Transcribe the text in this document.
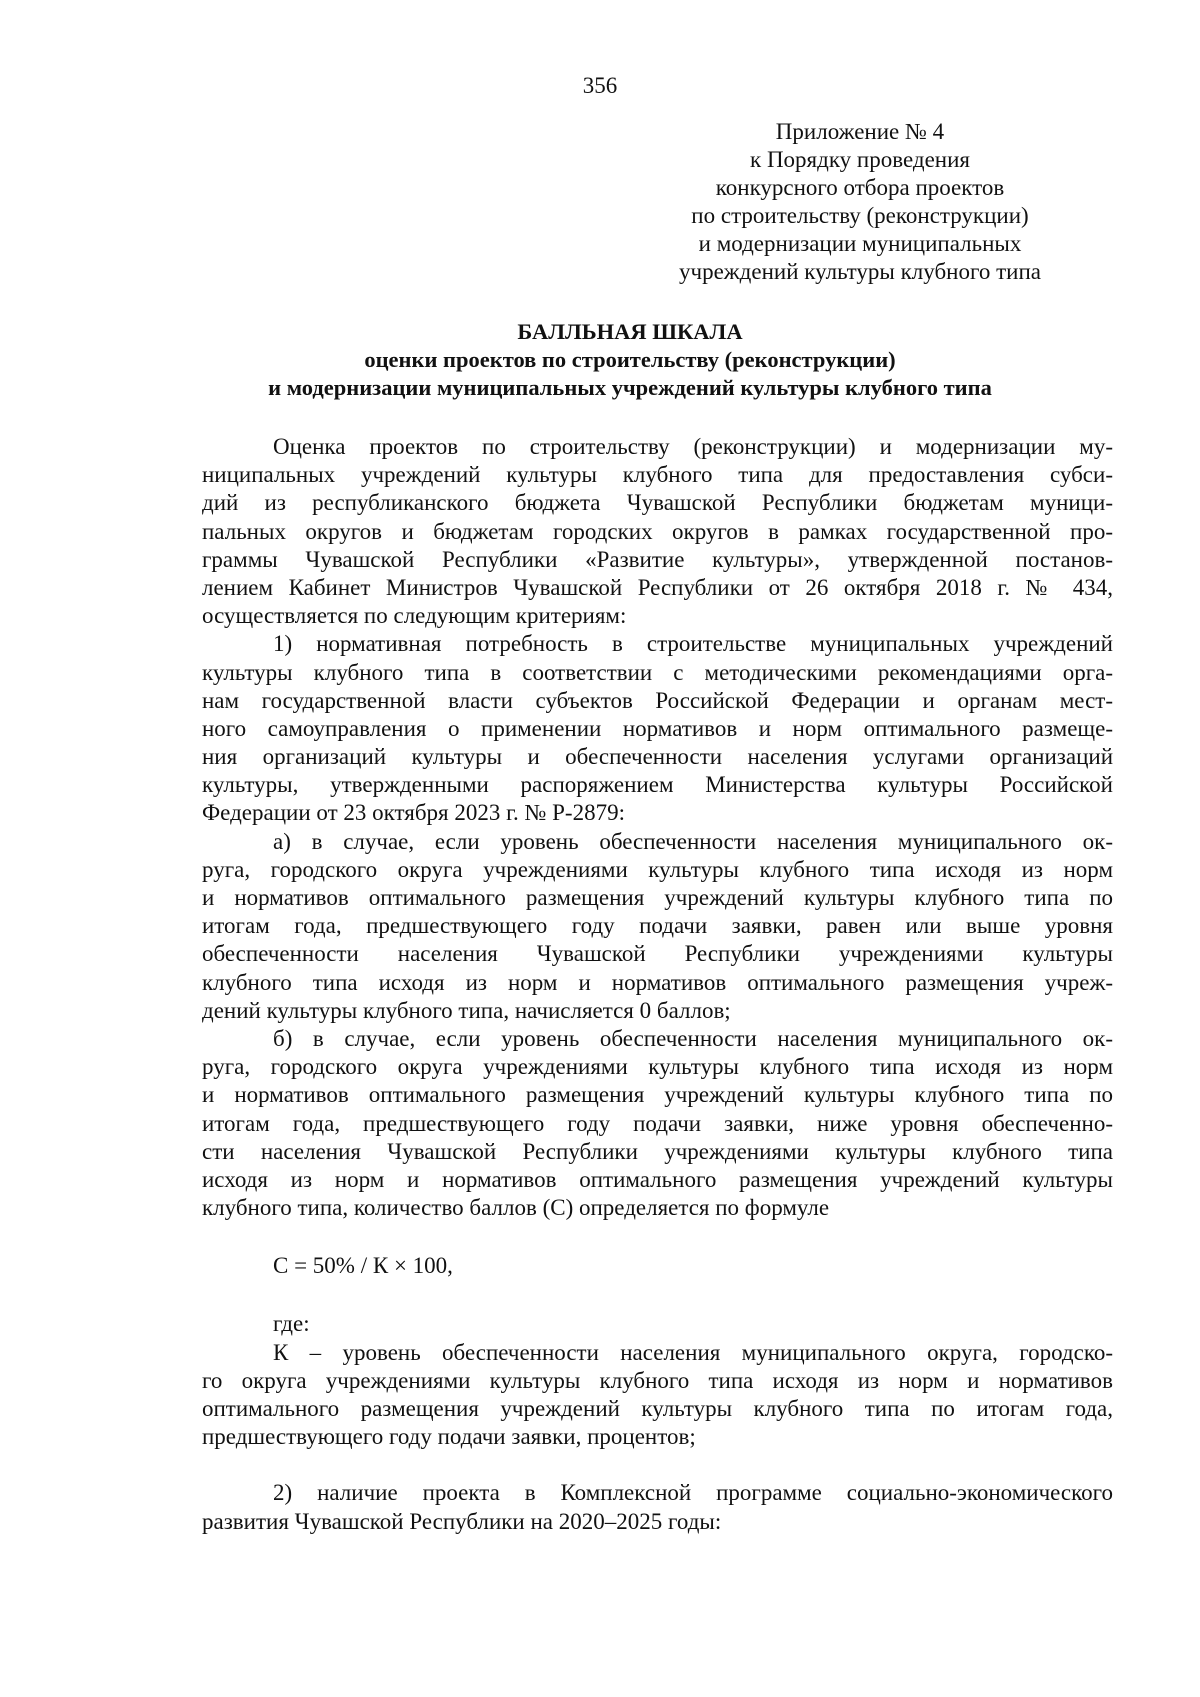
356
Приложение № 4
к Порядку проведения
конкурсного отбора проектов
по строительству (реконструкции)
и модернизации муниципальных
учреждений культуры клубного типа
БАЛЛЬНАЯ ШКАЛА
оценки проектов по строительству (реконструкции)
и модернизации муниципальных учреждений культуры клубного типа
Оценка проектов по строительству (реконструкции) и модернизации му-
ниципальных учреждений культуры клубного типа для предоставления субси-
дий из республиканского бюджета Чувашской Республики бюджетам муници-
пальных округов и бюджетам городских округов в рамках государственной про-
граммы Чувашской Республики «Развитие культуры», утвержденной постанов-
лением Кабинет Министров Чувашской Республики от 26 октября 2018 г. № 434,
осуществляется по следующим критериям:
1) нормативная потребность в строительстве муниципальных учреждений
культуры клубного типа в соответствии с методическими рекомендациями орга-
нам государственной власти субъектов Российской Федерации и органам мест-
ного самоуправления о применении нормативов и норм оптимального размеще-
ния организаций культуры и обеспеченности населения услугами организаций
культуры, утвержденными распоряжением Министерства культуры Российской
Федерации от 23 октября 2023 г. № Р-2879:
а) в случае, если уровень обеспеченности населения муниципального ок-
руга, городского округа учреждениями культуры клубного типа исходя из норм
и нормативов оптимального размещения учреждений культуры клубного типа по
итогам года, предшествующего году подачи заявки, равен или выше уровня
обеспеченности населения Чувашской Республики учреждениями культуры
клубного типа исходя из норм и нормативов оптимального размещения учреж-
дений культуры клубного типа, начисляется 0 баллов;
б) в случае, если уровень обеспеченности населения муниципального ок-
руга, городского округа учреждениями культуры клубного типа исходя из норм
и нормативов оптимального размещения учреждений культуры клубного типа по
итогам года, предшествующего году подачи заявки, ниже уровня обеспеченно-
сти населения Чувашской Республики учреждениями культуры клубного типа
исходя из норм и нормативов оптимального размещения учреждений культуры
клубного типа, количество баллов (С) определяется по формуле
С = 50% / К × 100,
где:
К – уровень обеспеченности населения муниципального округа, городско-
го округа учреждениями культуры клубного типа исходя из норм и нормативов
оптимального размещения учреждений культуры клубного типа по итогам года,
предшествующего году подачи заявки, процентов;
2) наличие проекта в Комплексной программе социально-экономического
развития Чувашской Республики на 2020–2025 годы:
